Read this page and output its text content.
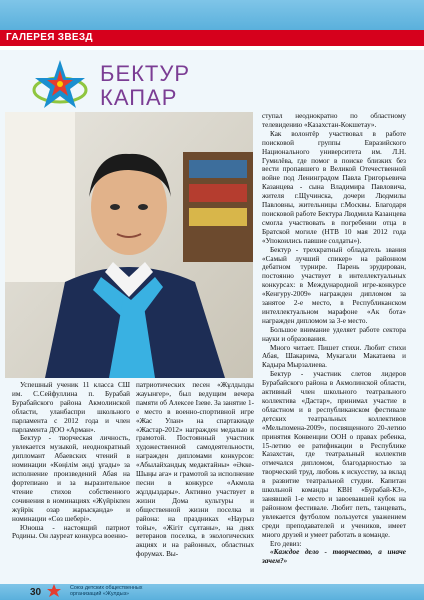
ГАЛЕРЕЯ ЗВЕЗД
БЕКТУР
КАПАР

Успешный ученик 11 класса СШ им. С.Сейфуллина п. Бурабай Бурабайского района Акмолинской области, уланбаспри школьного парламента с 2012 года и член парламента ДОО «Арман».

Бектур - творческая личность, увлекается музыкой, неоднократный дипломант Абаевских чтений в номинации «Көңілім әнді ұғады» за исполнение произведений Абая на фортепиано и за выразительное чтение стихов собственного сочинения в номинациях «Жүйрікпен жүйрік озар жарысқанда» и номинации «Сөз шебері».

Юноша - настоящий патриот Родины. Он лауреат конкурса военно-

патриотических песен «Жұлдызды жауынгер», был ведущим вечера памяти об Алексее Ізеве. За занятие 1-е место в военно-спортивной игре «Жас Улан» на спартакиаде «Жастар-2012» награжден медалью и грамотой. Постоянный участник художественной самодеятельности, награжден дипломами конкурсов: «Абылайхандық медактайны» «Әкке-Шыңы аға» и грамотой за исполнение песни в конкурсе «Акмола жұлдыздары». Активно участвует в жизни Дома культуры и общественной жизни поселка и района: на праздниках «Наурыз тойы», «Жігіт сұлтаны», на днях ветеранов поселка, в экологических акциях и на районных, областных форумах. Вы-

ступал неоднократно по областному телевидению «Казахстан-Кокшетау».

Как волонтёр участвовал в работе поисковой группы Евразийского Национального университета им. Л.Н. Гумилёва, где помог в поиске близких без вести пропавшего в Великой Отечественной войне под Ленинградом Павла Григорьевича Казанцева - сына Владимира Павловича, жителя г.Щучинска, дочери Людмилы Павловны, жительницы г.Москвы. Благодаря поисковой работе Бектура Людмила Казанцева смогла участвовать в погребении отца в Братской могиле (НТВ 10 мая 2012 года «Упокоились павшие солдаты»).

Бектур - трехкратный обладатель звания «Самый лучший спикер» на районном дебатном турнире. Парень эрудирован, постоянно участвует в интеллектуальных конкурсах: в Международной игре-конкурсе «Кенгуру-2009» награжден дипломом за занятое 2-е место, в Республиканском интеллектуальном марафоне «Ак бота» награжден дипломом за 3-е место.

Большое внимание уделяет работе сектора науки и образования.

Много читает. Пишет стихи. Любит стихи Абая, Шакарима, Мукагали Макатаева и Кадыра Мырзалиева.

Бектур - участник слетов лидеров Бурабайского района в Акмолинской области, активный член школьного театрального коллектива «Дастар», принимал участие в областном и в республиканском фестивале детских театральных коллективов «Мельпомена-2009», посвященного 20-летию принятия Конвенции ООН о правах ребенка, 15-летию ее ратификации в Республике Казахстан, где театральный коллектив отмечался дипломом, благодарностью за творческий труд, любовь к искусству, за вклад в развитие театральной студии. Капитан школьной команды КВН «Бурабай-КЗ», занявшей 1-е место и завоевавшей кубок на районном фестивале. Любит петь, танцевать, увлекается футболом пользуется уважением среди преподавателей и учеников, имеет много друзей и умеет работать в команде.

Его девиз:

«Каждое дело - творчество, а иначе зачем?»

30	Союз детских общественных
организаций «Жулдыз»
